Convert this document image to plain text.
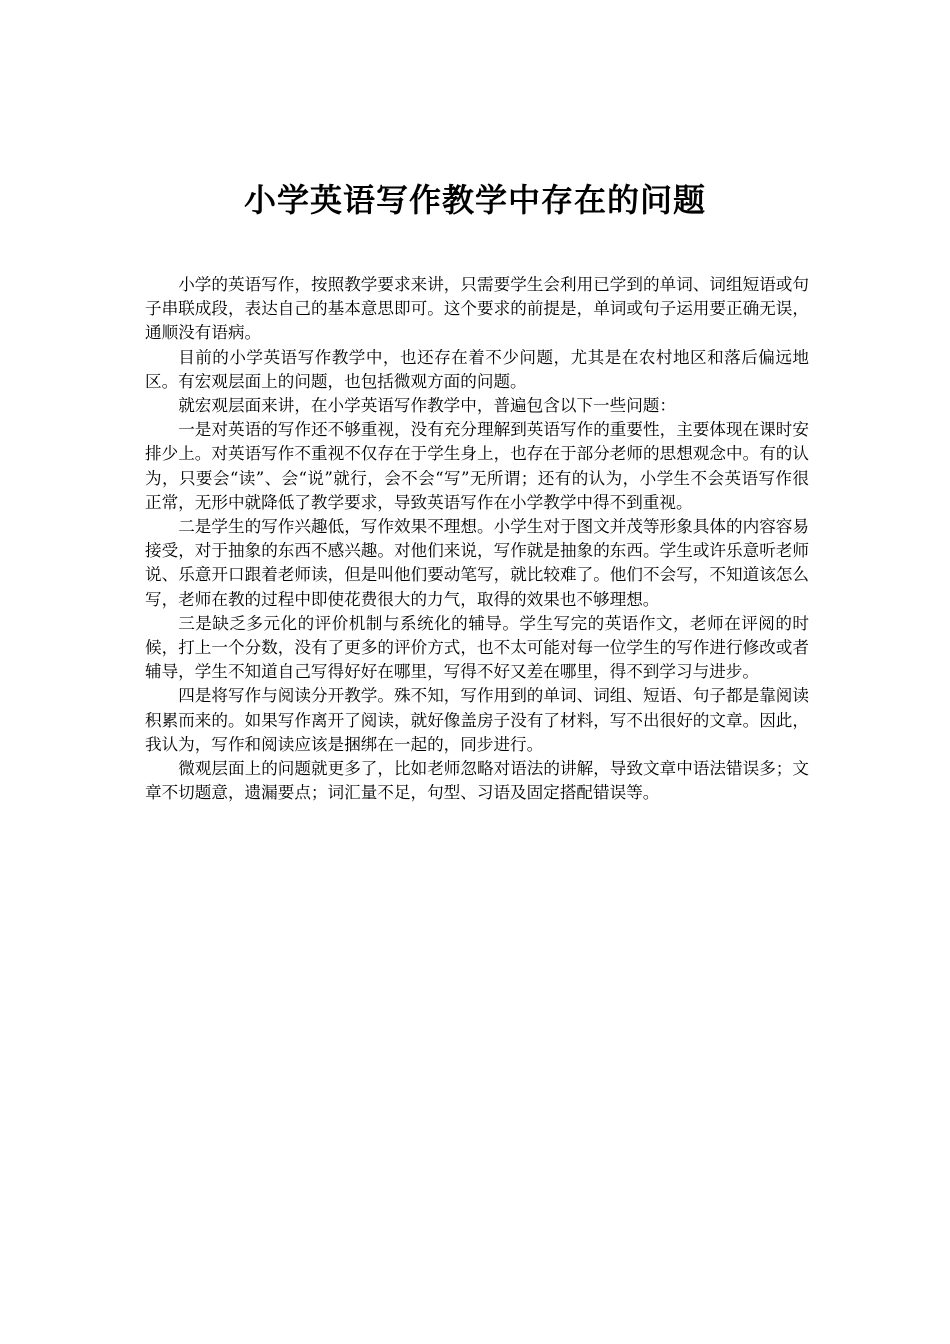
小学英语写作教学中存在的问题

小学的英语写作，按照教学要求来讲，只需要学生会利用已学到的单词、词组短语或句子串联成段，表达自己的基本意思即可。这个要求的前提是，单词或句子运用要正确无误，通顺没有语病。

目前的小学英语写作教学中，也还存在着不少问题，尤其是在农村地区和落后偏远地区。有宏观层面上的问题，也包括微观方面的问题。

就宏观层面来讲，在小学英语写作教学中，普遍包含以下一些问题：

一是对英语的写作还不够重视，没有充分理解到英语写作的重要性，主要体现在课时安排少上。对英语写作不重视不仅存在于学生身上，也存在于部分老师的思想观念中。有的认为，只要会“读”、会“说”就行，会不会“写”无所谓；还有的认为，小学生不会英语写作很正常，无形中就降低了教学要求，导致英语写作在小学教学中得不到重视。

二是学生的写作兴趣低，写作效果不理想。小学生对于图文并茂等形象具体的内容容易接受，对于抽象的东西不感兴趣。对他们来说，写作就是抽象的东西。学生或许乐意听老师说、乐意开口跟着老师读，但是叫他们要动笔写，就比较难了。他们不会写，不知道该怎么写，老师在教的过程中即使花费很大的力气，取得的效果也不够理想。

三是缺乏多元化的评价机制与系统化的辅导。学生写完的英语作文，老师在评阅的时候，打上一个分数，没有了更多的评价方式，也不太可能对每一位学生的写作进行修改或者辅导，学生不知道自己写得好好在哪里，写得不好又差在哪里，得不到学习与进步。

四是将写作与阅读分开教学。殊不知，写作用到的单词、词组、短语、句子都是靠阅读积累而来的。如果写作离开了阅读，就好像盖房子没有了材料，写不出很好的文章。因此，我认为，写作和阅读应该是捆绑在一起的，同步进行。

微观层面上的问题就更多了，比如老师忽略对语法的讲解，导致文章中语法错误多；文章不切题意，遗漏要点；词汇量不足，句型、习语及固定搭配错误等。
